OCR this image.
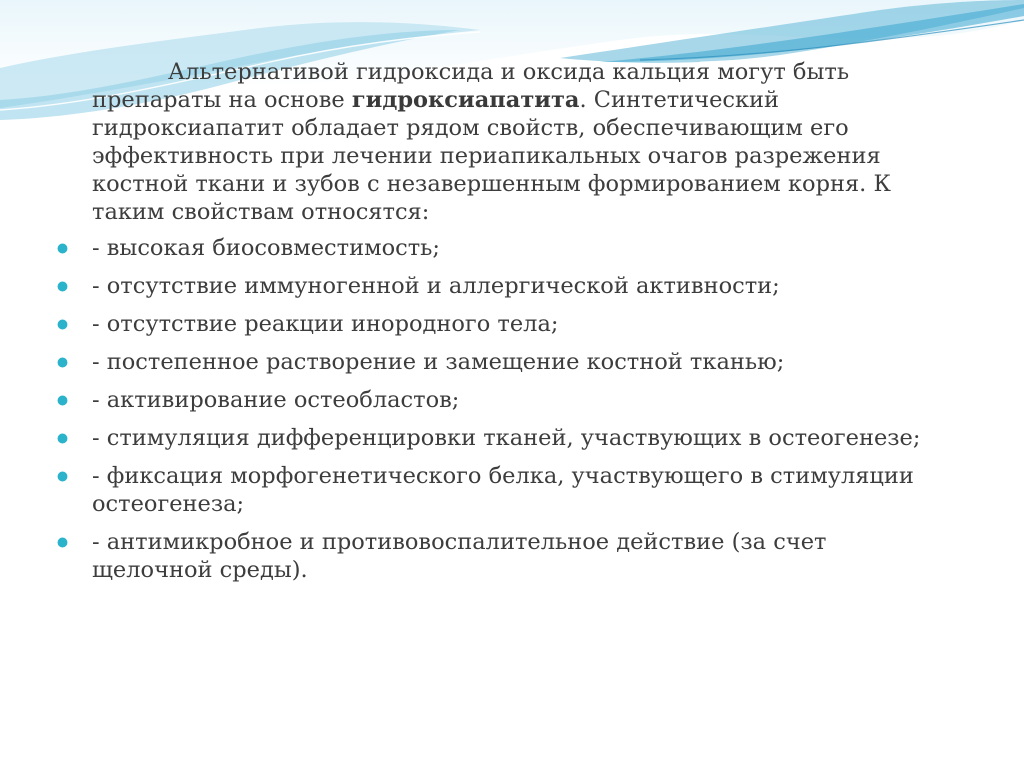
Альтернативой гидроксида и оксида кальция могут быть препараты на основе гидроксиапатита. Синтетический гидроксиапатит обладает рядом свойств, обеспечивающим его эффективность при лечении периапикальных очагов разрежения костной ткани и зубов с незавершенным формированием корня. К таким свойствам относятся:

- высокая биосовместимость;
- отсутствие иммуногенной и аллергической активности;
- отсутствие реакции инородного тела;
- постепенное растворение и замещение костной тканью;
- активирование остеобластов;
- стимуляция дифференцировки тканей, участвующих в остеогенезе;
- фиксация морфогенетического белка, участвующего в стимуляции остеогенеза;
- антимикробное и противовоспалительное действие (за счет щелочной среды).
